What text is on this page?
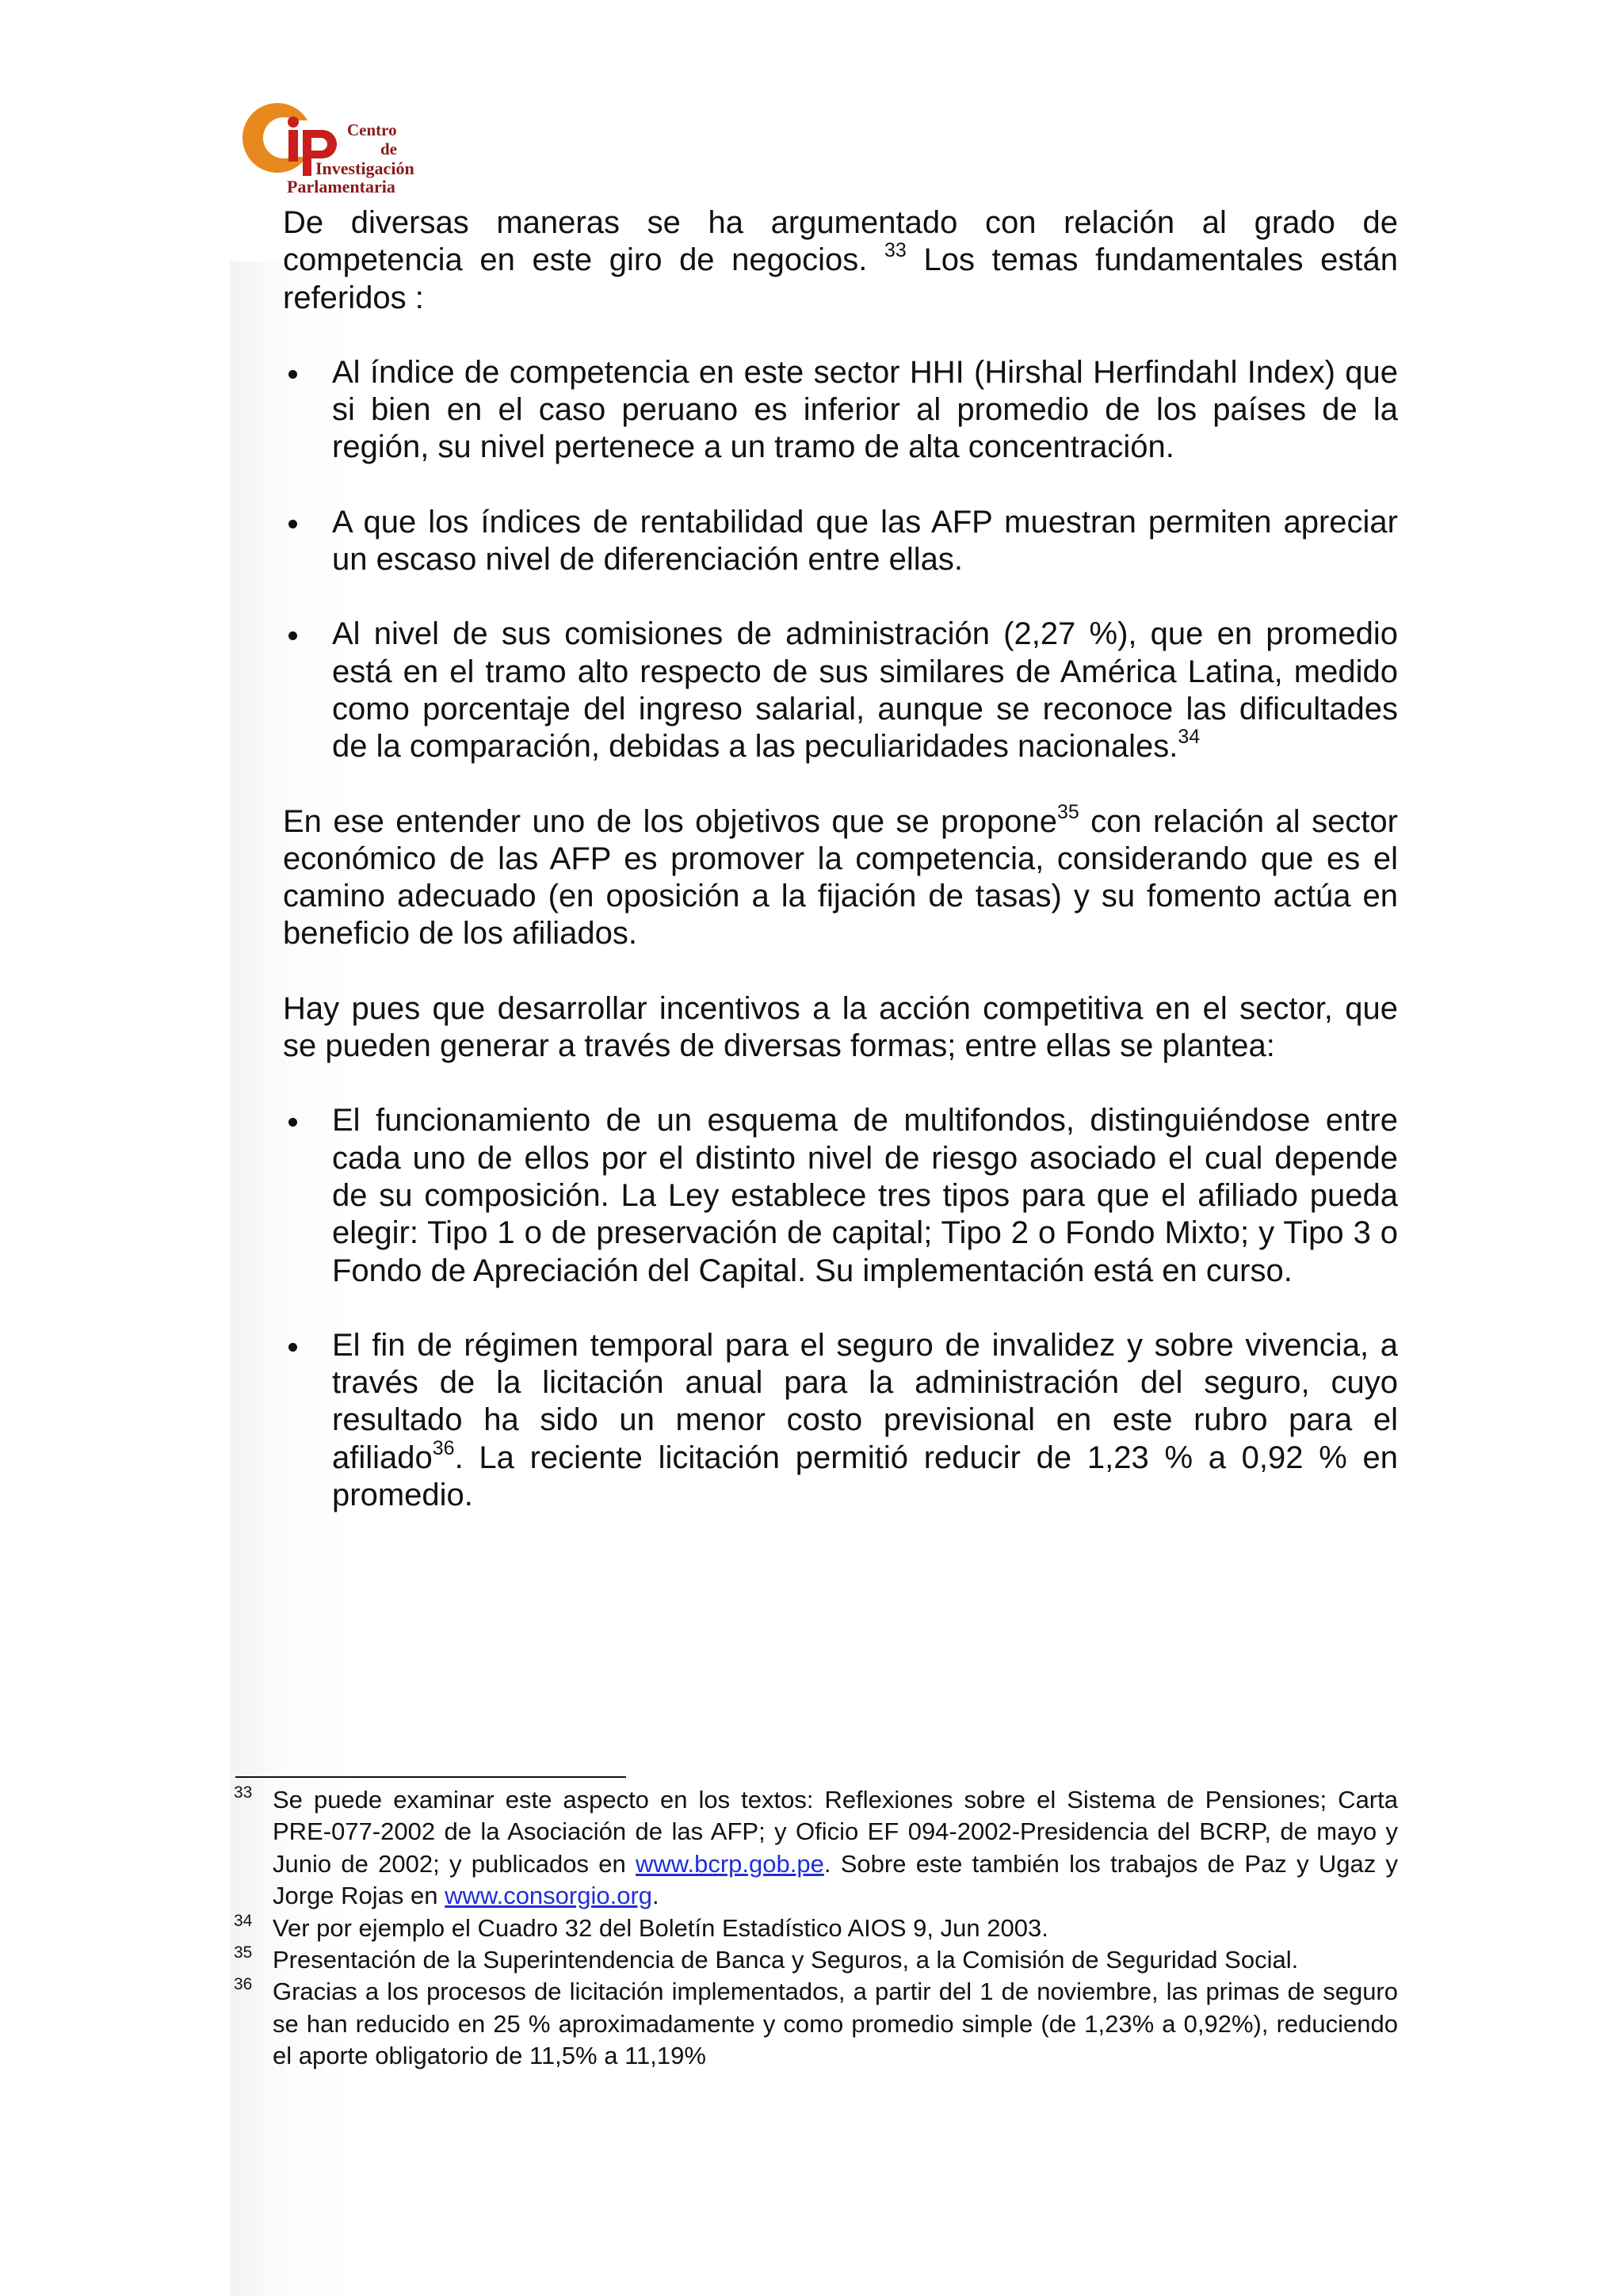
Centro
de
Investigación
Parlamentaria

De diversas maneras se ha argumentado con relación al grado de competencia en este giro de negocios. $^{33}$ Los temas fundamentales están referidos :

Al índice de competencia en este sector HHI (Hirshal Herfindahl Index) que si bien en el caso peruano es inferior al promedio de los países de la región, su nivel pertenece a un tramo de alta concentración.
A que los índices de rentabilidad que las AFP muestran permiten apreciar un escaso nivel de diferenciación entre ellas.
Al nivel de sus comisiones de administración (2,27 %), que en promedio está en el tramo alto respecto de sus similares de América Latina, medido como porcentaje del ingreso salarial, aunque se reconoce las dificultades de la comparación, debidas a las peculiaridades nacionales.$^{34}$

En ese entender uno de los objetivos que se propone$^{35}$ con relación al sector económico de las AFP es promover la competencia, considerando que es el camino adecuado (en oposición a la fijación de tasas) y su fomento actúa en beneficio de los afiliados.

Hay pues que desarrollar incentivos a la acción competitiva en el sector, que se pueden generar a través de diversas formas; entre ellas se plantea:

El funcionamiento de un esquema de multifondos, distinguiéndose entre cada uno de ellos por el distinto nivel de riesgo asociado el cual depende de su composición. La Ley establece tres tipos para que el afiliado pueda elegir: Tipo 1 o de preservación de capital; Tipo 2 o Fondo Mixto; y Tipo 3 o Fondo de Apreciación del Capital. Su implementación está en curso.
El fin de régimen temporal para el seguro de invalidez y sobre vivencia, a través de la licitación anual para la administración del seguro, cuyo resultado ha sido un menor costo previsional en este rubro para el afiliado$^{36}$. La reciente licitación permitió reducir de 1,23 % a 0,92 % en promedio.
33 Se puede examinar este aspecto en los textos: Reflexiones sobre el Sistema de Pensiones; Carta PRE-077-2002 de la Asociación de las AFP; y Oficio EF 094-2002-Presidencia del BCRP, de mayo y Junio de 2002; y publicados en www.bcrp.gob.pe. Sobre este también los trabajos de Paz y Ugaz y Jorge Rojas en www.consorgio.org.
34 Ver por ejemplo el Cuadro 32 del Boletín Estadístico AIOS 9, Jun 2003.
35 Presentación de la Superintendencia de Banca y Seguros, a la Comisión de Seguridad Social.
36 Gracias a los procesos de licitación implementados, a partir del 1 de noviembre, las primas de seguro se han reducido en 25 % aproximadamente y como promedio simple (de 1,23% a 0,92%), reduciendo el aporte obligatorio de 11,5% a 11,19%
